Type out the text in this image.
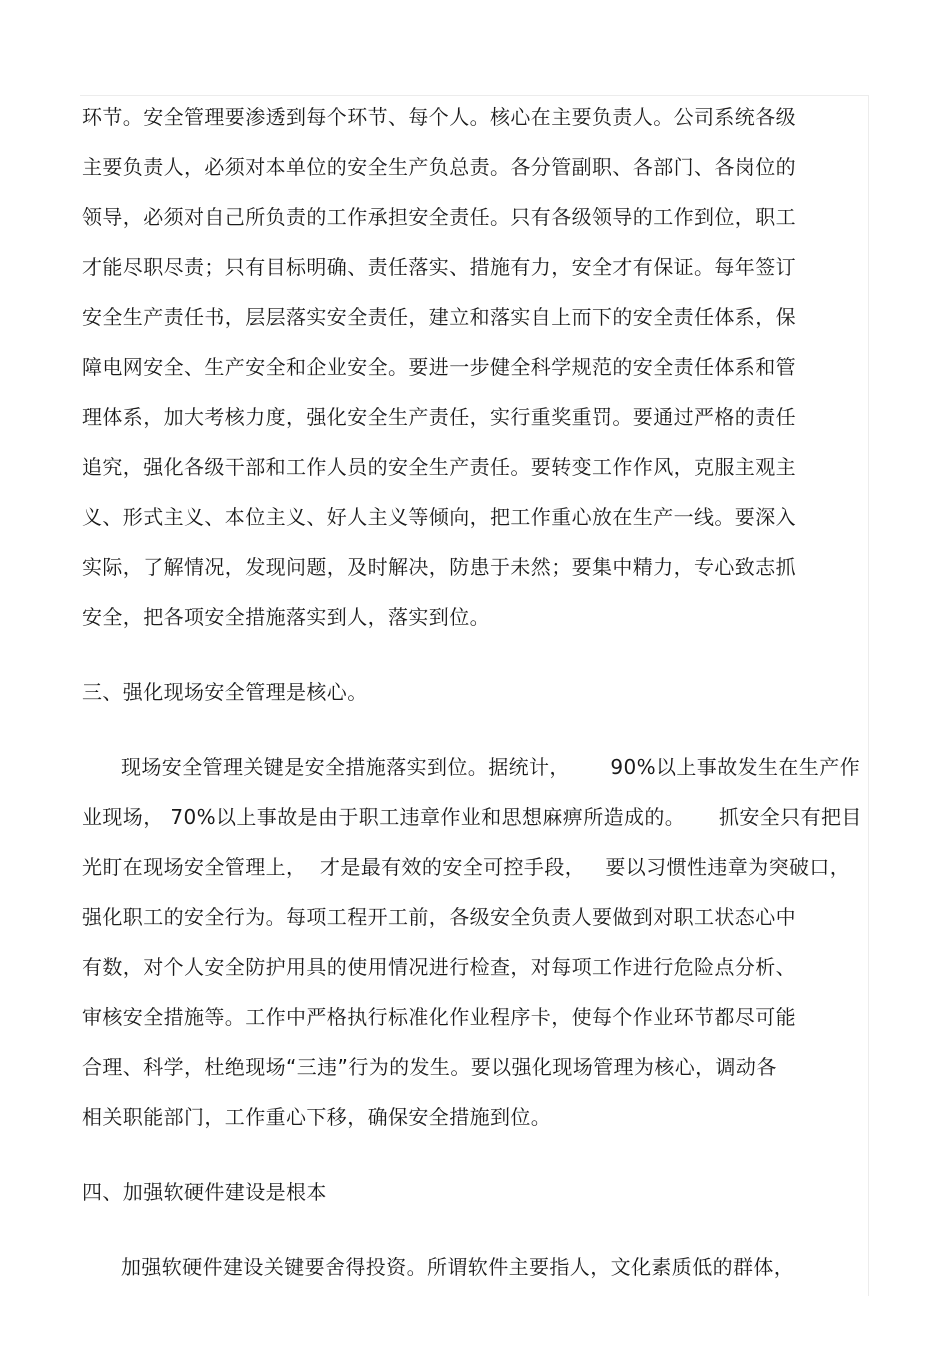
环节。安全管理要渗透到每个环节、每个人。核心在主要负责人。公司系统各级
主要负责人，必须对本单位的安全生产负总责。各分管副职、各部门、各岗位的
领导，必须对自己所负责的工作承担安全责任。只有各级领导的工作到位，职工
才能尽职尽责；只有目标明确、责任落实、措施有力，安全才有保证。每年签订
安全生产责任书，层层落实安全责任，建立和落实自上而下的安全责任体系，保
障电网安全、生产安全和企业安全。要进一步健全科学规范的安全责任体系和管
理体系，加大考核力度，强化安全生产责任，实行重奖重罚。要通过严格的责任
追究，强化各级干部和工作人员的安全生产责任。要转变工作作风，克服主观主
义、形式主义、本位主义、好人主义等倾向，把工作重心放在生产一线。要深入
实际，了解情况，发现问题，及时解决，防患于未然；要集中精力，专心致志抓
安全，把各项安全措施落实到人，落实到位。
三、强化现场安全管理是核心。
现场安全管理关键是安全措施落实到位。据统计，      90%以上事故发生在生产作
业现场， 70%以上事故是由于职工违章作业和思想麻痹所造成的。     抓安全只有把目
光盯在现场安全管理上，  才是最有效的安全可控手段，   要以习惯性违章为突破口，
强化职工的安全行为。每项工程开工前，各级安全负责人要做到对职工状态心中
有数，对个人安全防护用具的使用情况进行检查，对每项工作进行危险点分析、
审核安全措施等。工作中严格执行标准化作业程序卡，使每个作业环节都尽可能
合理、科学，杜绝现场“三违”行为的发生。要以强化现场管理为核心，调动各
相关职能部门，工作重心下移，确保安全措施到位。
四、加强软硬件建设是根本
加强软硬件建设关键要舍得投资。所谓软件主要指人，文化素质低的群体，
